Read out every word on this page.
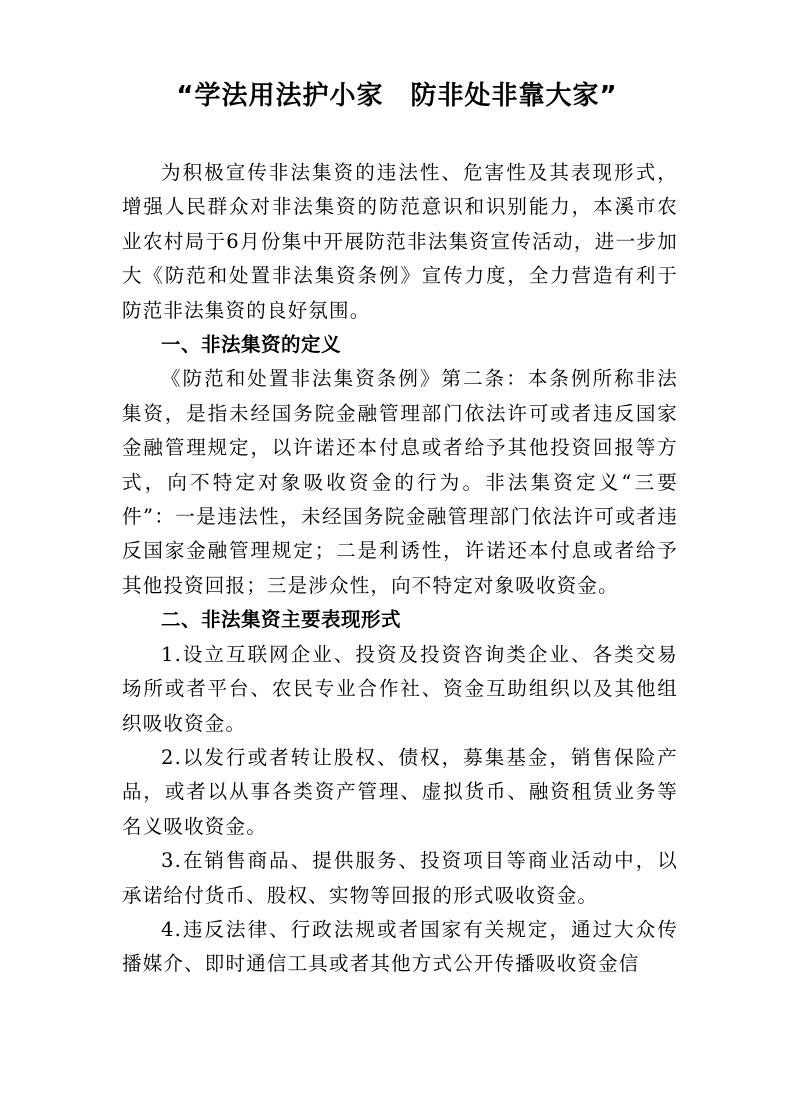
“学法用法护小家　防非处非靠大家”

为积极宣传非法集资的违法性、危害性及其表现形式，增强人民群众对非法集资的防范意识和识别能力，本溪市农业农村局于6月份集中开展防范非法集资宣传活动，进一步加大《防范和处置非法集资条例》宣传力度，全力营造有利于防范非法集资的良好氛围。

一、非法集资的定义

《防范和处置非法集资条例》第二条：本条例所称非法集资，是指未经国务院金融管理部门依法许可或者违反国家金融管理规定，以许诺还本付息或者给予其他投资回报等方式，向不特定对象吸收资金的行为。非法集资定义“三要件”：一是违法性，未经国务院金融管理部门依法许可或者违反国家金融管理规定；二是利诱性，许诺还本付息或者给予其他投资回报；三是涉众性，向不特定对象吸收资金。

二、非法集资主要表现形式

1.设立互联网企业、投资及投资咨询类企业、各类交易场所或者平台、农民专业合作社、资金互助组织以及其他组织吸收资金。

2.以发行或者转让股权、债权，募集基金，销售保险产品，或者以从事各类资产管理、虚拟货币、融资租赁业务等名义吸收资金。

3.在销售商品、提供服务、投资项目等商业活动中，以承诺给付货币、股权、实物等回报的形式吸收资金。

4.违反法律、行政法规或者国家有关规定，通过大众传播媒介、即时通信工具或者其他方式公开传播吸收资金信
